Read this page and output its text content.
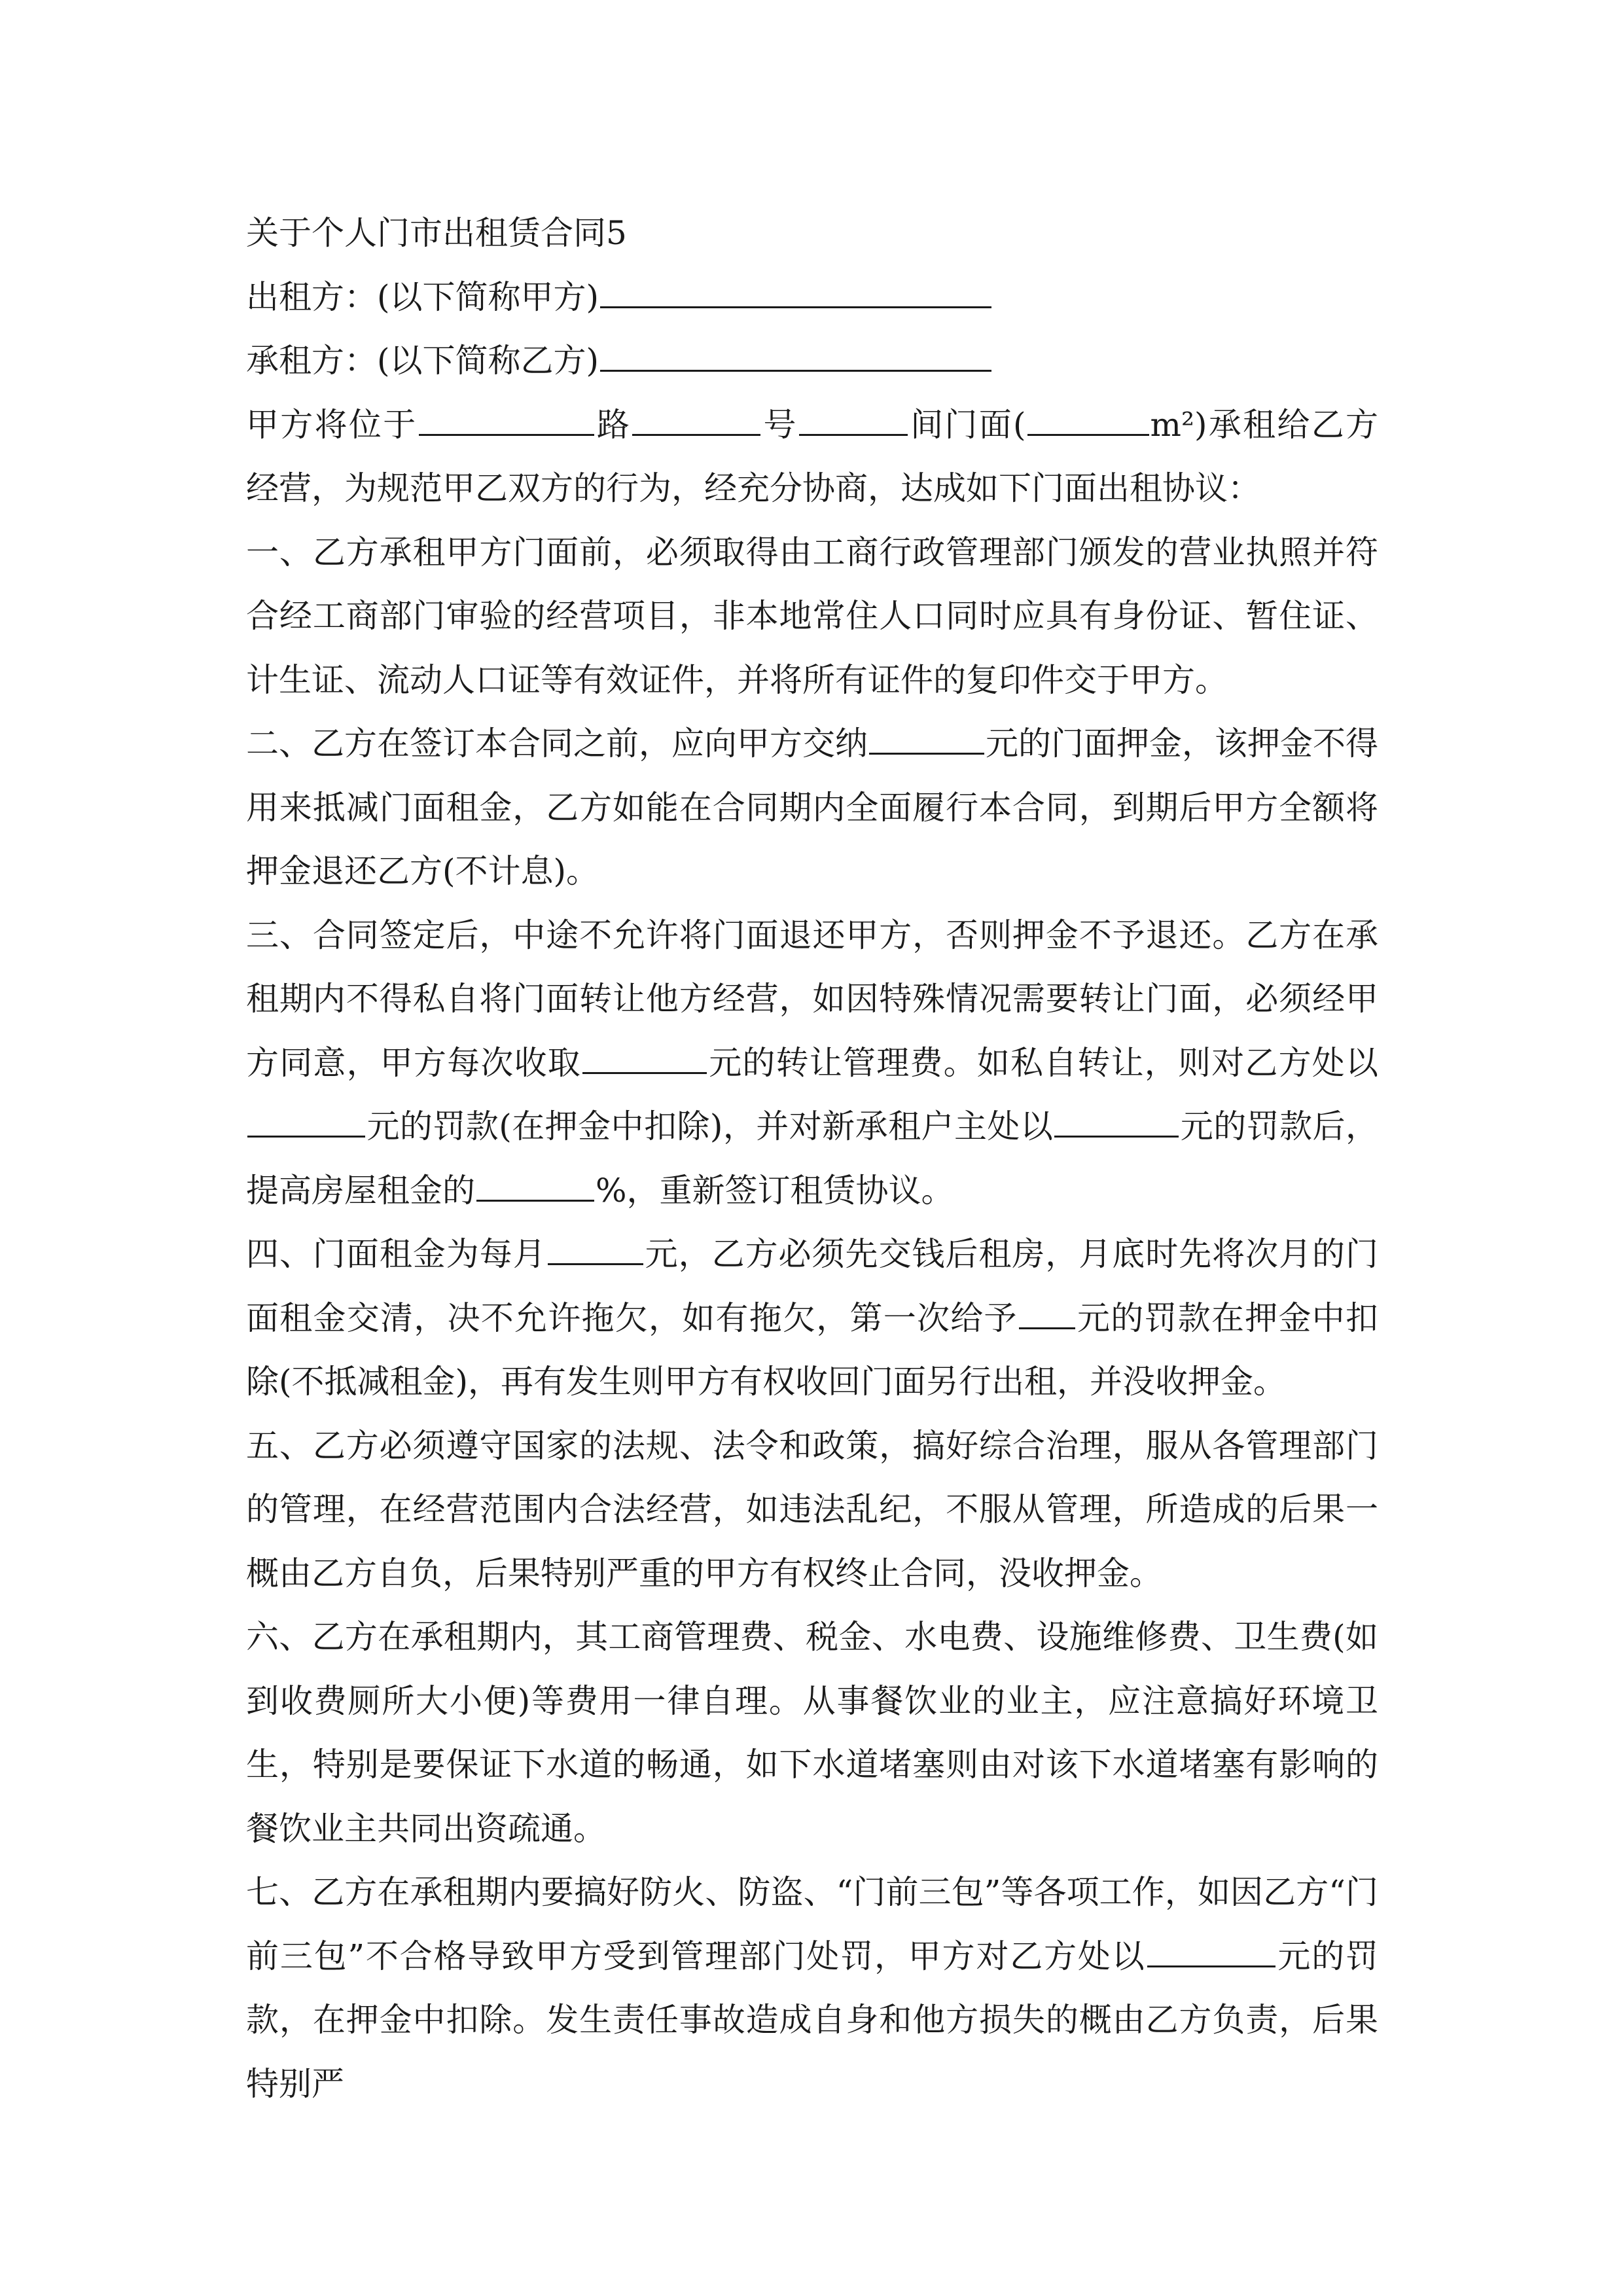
关于个人门市出租赁合同5

出租方：(以下简称甲方)

承租方：(以下简称乙方)

甲方将位于	路	号	间门面(	m²)承租给乙方经营，为规范甲乙双方的行为，经充分协商，达成如下门面出租协议：

一、乙方承租甲方门面前，必须取得由工商行政管理部门颁发的营业执照并符合经工商部门审验的经营项目，非本地常住人口同时应具有身份证、暂住证、计生证、流动人口证等有效证件，并将所有证件的复印件交于甲方。

二、乙方在签订本合同之前，应向甲方交纳	元的门面押金，该押金不得用来抵减门面租金，乙方如能在合同期内全面履行本合同，到期后甲方全额将押金退还乙方(不计息)。

三、合同签定后，中途不允许将门面退还甲方，否则押金不予退还。乙方在承租期内不得私自将门面转让他方经营，如因特殊情况需要转让门面，必须经甲方同意，甲方每次收取	元的转让管理费。如私自转让，则对乙方处以元的罚款(在押金中扣除)，并对新承租户主处以	元的罚款后，提高房屋租金的	%，重新签订租赁协议。

四、门面租金为每月	元，乙方必须先交钱后租房，月底时先将次月的门面租金交清，决不允许拖欠，如有拖欠，第一次给予 元的罚款在押金中扣除(不抵减租金)，再有发生则甲方有权收回门面另行出租，并没收押金。

五、乙方必须遵守国家的法规、法令和政策，搞好综合治理，服从各管理部门的管理，在经营范围内合法经营，如违法乱纪，不服从管理，所造成的后果一概由乙方自负，后果特别严重的甲方有权终止合同，没收押金。

六、乙方在承租期内，其工商管理费、税金、水电费、设施维修费、卫生费(如到收费厕所大小便)等费用一律自理。从事餐饮业的业主，应注意搞好环境卫生，特别是要保证下水道的畅通，如下水道堵塞则由对该下水道堵塞有影响的餐饮业主共同出资疏通。

七、乙方在承租期内要搞好防火、防盗、“门前三包”等各项工作，如因乙方“门前三包”不合格导致甲方受到管理部门处罚，甲方对乙方处以	元的罚款，在押金中扣除。发生责任事故造成自身和他方损失的概由乙方负责，后果特别严
